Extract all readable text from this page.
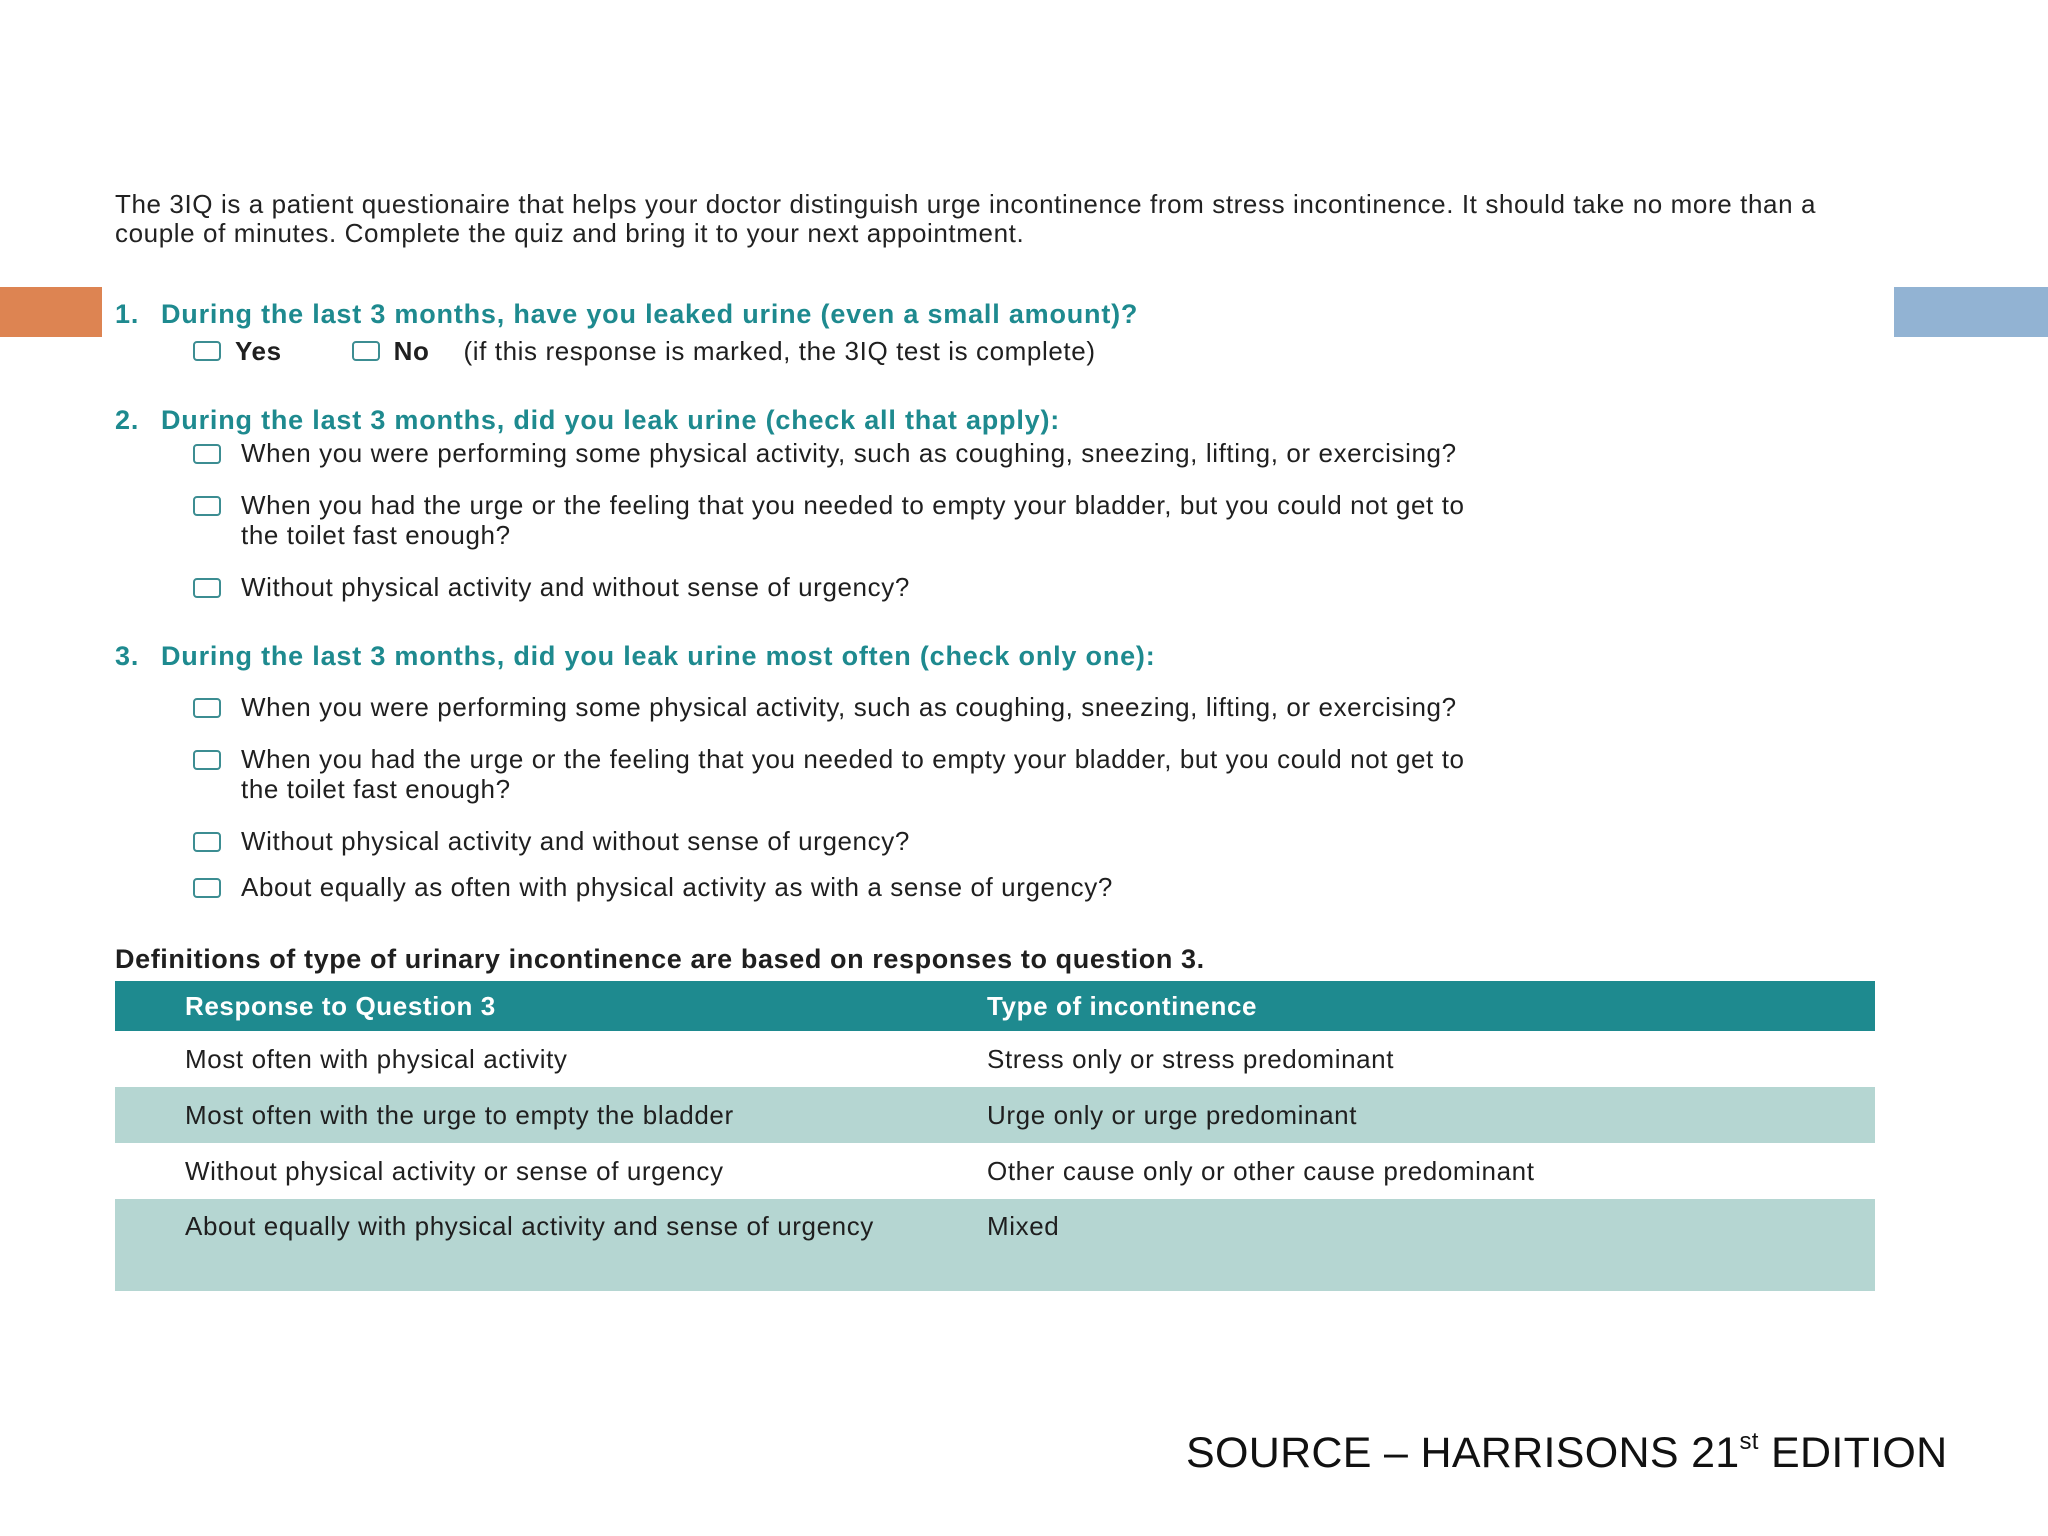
The 3IQ is a patient questionaire that helps your doctor distinguish urge incontinence from stress incontinence. It should take no more than a couple of minutes. Complete the quiz and bring it to your next appointment.

1. During the last 3 months, have you leaked urine (even a small amount)?
Yes	No (if this response is marked, the 3IQ test is complete)
2. During the last 3 months, did you leak urine (check all that apply):
When you were performing some physical activity, such as coughing, sneezing, lifting, or exercising?
When you had the urge or the feeling that you needed to empty your bladder, but you could not get to the toilet fast enough?
Without physical activity and without sense of urgency?
3. During the last 3 months, did you leak urine most often (check only one):
When you were performing some physical activity, such as coughing, sneezing, lifting, or exercising?
When you had the urge or the feeling that you needed to empty your bladder, but you could not get to the toilet fast enough?
Without physical activity and without sense of urgency?
About equally as often with physical activity as with a sense of urgency?
Definitions of type of urinary incontinence are based on responses to question 3.
Response to Question 3	Type of incontinence
Most often with physical activity	Stress only or stress predominant
Most often with the urge to empty the bladder	Urge only or urge predominant
Without physical activity or sense of urgency	Other cause only or other cause predominant
About equally with physical activity and sense of urgency	Mixed
SOURCE – HARRISONS 21st EDITION
